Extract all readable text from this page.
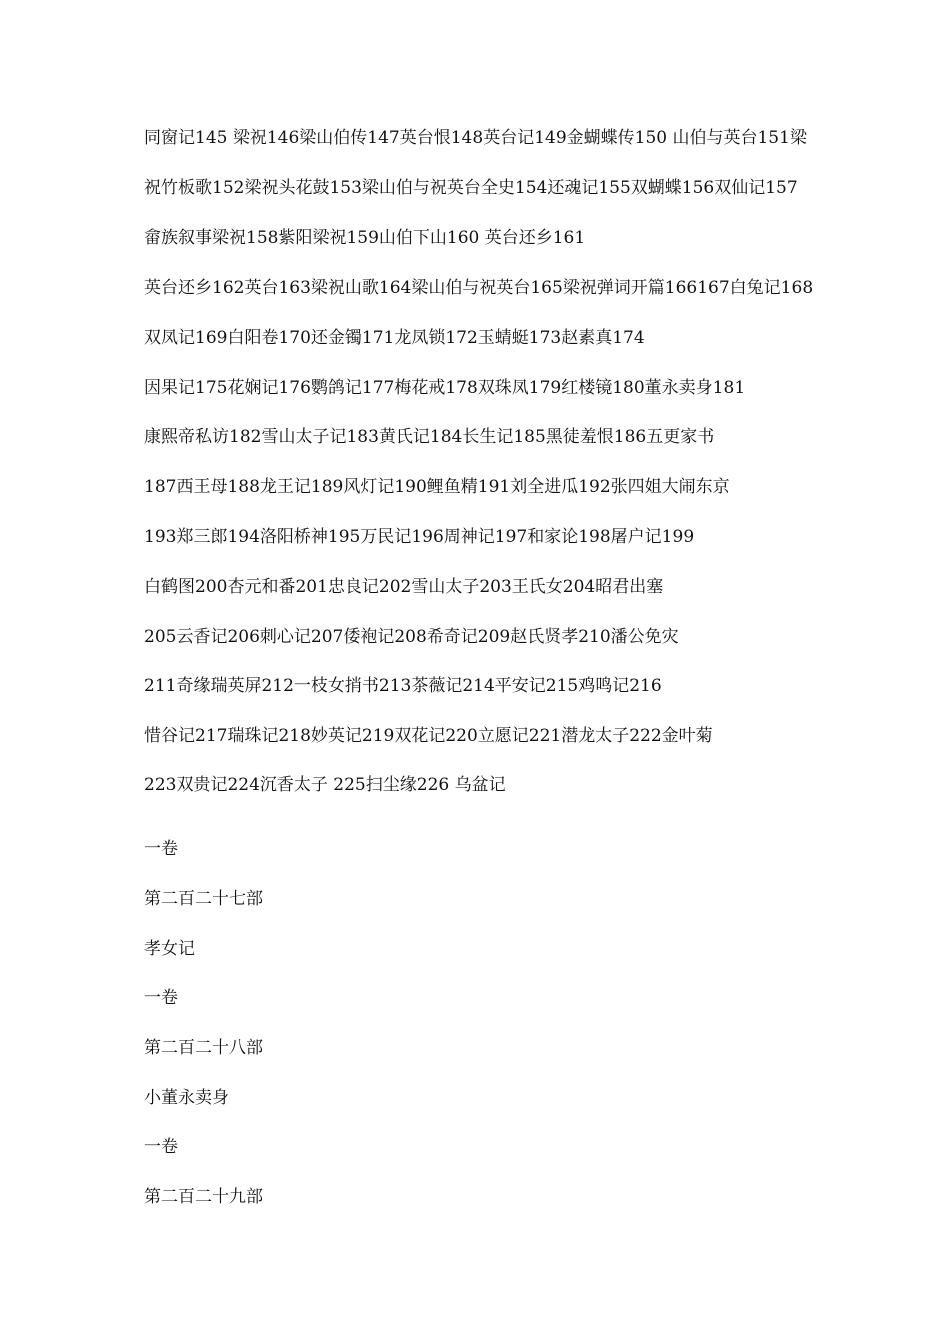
同窗记145 梁祝146梁山伯传147英台恨148英台记149金蝴蝶传150 山伯与英台151梁
祝竹板歌152梁祝头花鼓153梁山伯与祝英台全史154还魂记155双蝴蝶156双仙记157
畲族叙事梁祝158紫阳梁祝159山伯下山160 英台还乡161
英台还乡162英台163梁祝山歌164梁山伯与祝英台165梁祝弹词开篇166167白兔记168
双凤记169白阳卷170还金镯171龙凤锁172玉蜻蜓173赵素真174
因果记175花娴记176鹦鸽记177梅花戒178双珠凤179红楼镜180董永卖身181
康熙帝私访182雪山太子记183黄氏记184长生记185黑徒羞恨186五更家书
187西王母188龙王记189风灯记190鲤鱼精191刘全进瓜192张四姐大闹东京
193郑三郎194洛阳桥神195万民记196周神记197和家论198屠户记199
白鹤图200杏元和番201忠良记202雪山太子203王氏女204昭君出塞
205云香记206刺心记207倭袍记208希奇记209赵氏贤孝210潘公免灾
211奇缘瑞英屏212一枝女捎书213茶薇记214平安记215鸡鸣记216
惜谷记217瑞珠记218妙英记219双花记220立愿记221潜龙太子222金叶菊
223双贵记224沉香太子 225扫尘缘226 乌盆记
一卷
第二百二十七部
孝女记
一卷
第二百二十八部
小董永卖身
一卷
第二百二十九部
